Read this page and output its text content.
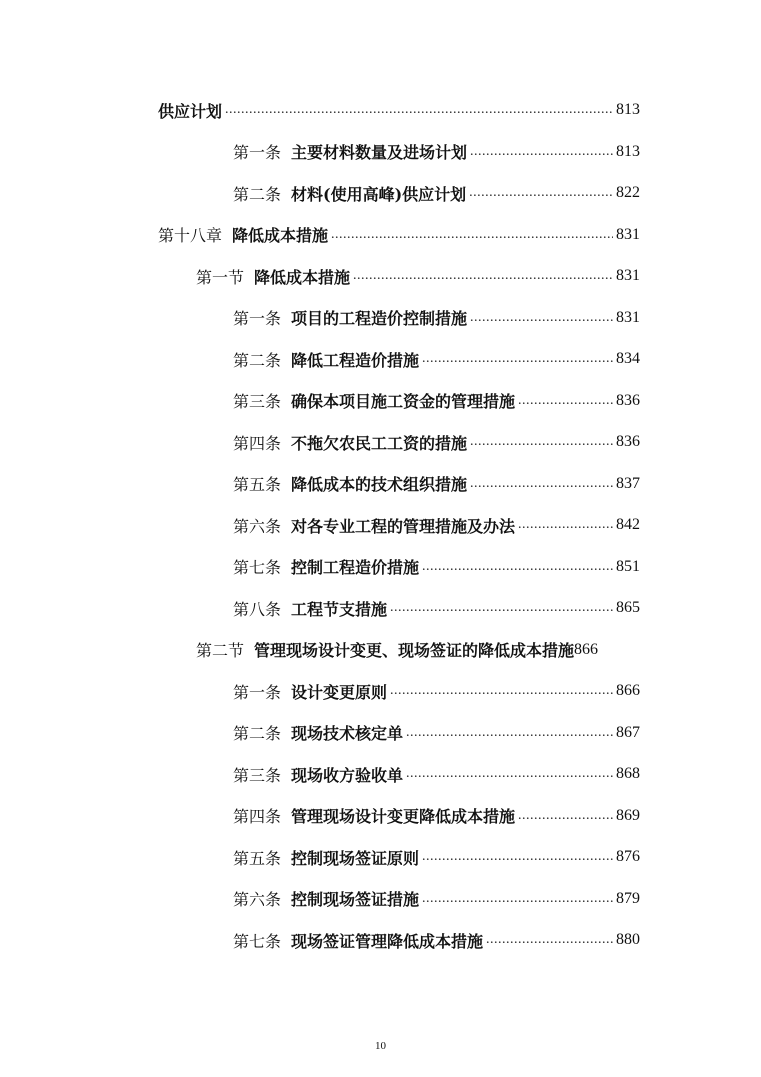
供应计划 .....	813
第一条 主要材料数量及进场计划 .....	813
第二条 材料(使用高峰)供应计划 .....	822
第十八章 降低成本措施 .....	831
第一节 降低成本措施 .....	831
第一条 项目的工程造价控制措施 .....	831
第二条 降低工程造价措施 .....	834
第三条 确保本项目施工资金的管理措施 .....	836
第四条 不拖欠农民工工资的措施 .....	836
第五条 降低成本的技术组织措施 .....	837
第六条 对各专业工程的管理措施及办法 .....	842
第七条 控制工程造价措施 .....	851
第八条 工程节支措施 .....	865
第二节 管理现场设计变更、现场签证的降低成本措施 866
第一条 设计变更原则 .....	866
第二条 现场技术核定单 .....	867
第三条 现场收方验收单 .....	868
第四条 管理现场设计变更降低成本措施 .....	869
第五条 控制现场签证原则 .....	876
第六条 控制现场签证措施 .....	879
第七条 现场签证管理降低成本措施 .....	880
10
